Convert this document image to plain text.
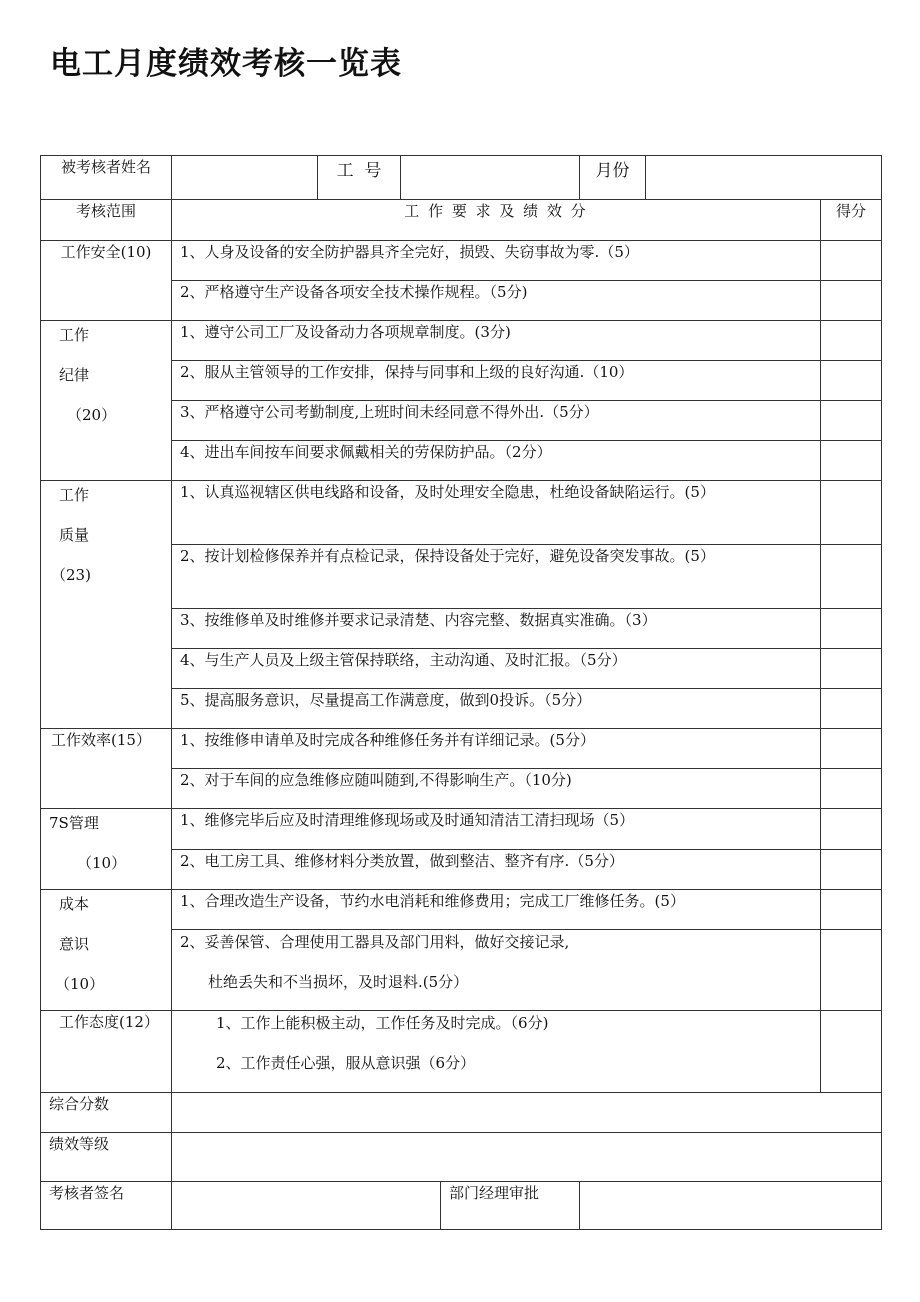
电工月度绩效考核一览表
被考核者姓名		工  号			月份		
考核范围	工 作 要 求 及 绩 效 分						得分
工作安全(10)	1、人身及设备的安全防护器具齐全完好，损毁、失窃事故为零.（5）						
	2、严格遵守生产设备各项安全技术操作规程。（5分)						

工作
纪律
（20）	1、遵守公司工厂及设备动力各项规章制度。(3分)						
	2、服从主管领导的工作安排，保持与同事和上级的良好沟通.（10）						
	3、严格遵守公司考勤制度,上班时间未经同意不得外出.（5分）						
	4、进出车间按车间要求佩戴相关的劳保防护品。（2分）						

工作
质量
（23)	1、认真巡视辖区供电线路和设备，及时处理安全隐患，杜绝设备缺陷运行。(5）						
	2、按计划检修保养并有点检记录，保持设备处于完好，避免设备突发事故。(5）						
	3、按维修单及时维修并要求记录清楚、内容完整、数据真实准确。（3）						
	4、与生产人员及上级主管保持联络，主动沟通、及时汇报。（5分）						
	5、提高服务意识，尽量提高工作满意度，做到0投诉。（5分）						
工作效率(15）	1、按维修申请单及时完成各种维修任务并有详细记录。(5分）						
	2、对于车间的应急维修应随叫随到,不得影响生产。（10分)						

7S管理
（10）	1、维修完毕后应及时清理维修现场或及时通知清洁工清扫现场（5）						
	2、电工房工具、维修材料分类放置，做到整洁、整齐有序.（5分）						

成本
意识
（10）	1、合理改造生产设备，节约水电消耗和维修费用；完成工厂维修任务。(5）						

	2、妥善保管、合理使用工器具及部门用料，做好交接记录,
杜绝丢失和不当损坏，及时退料.(5分）						

工作态度(12）	1、工作上能积极主动，工作任务及时完成。（6分)
2、工作责任心强，服从意识强（6分）						

综合分数							
绩效等级							
考核者签名				部门经理审批			
